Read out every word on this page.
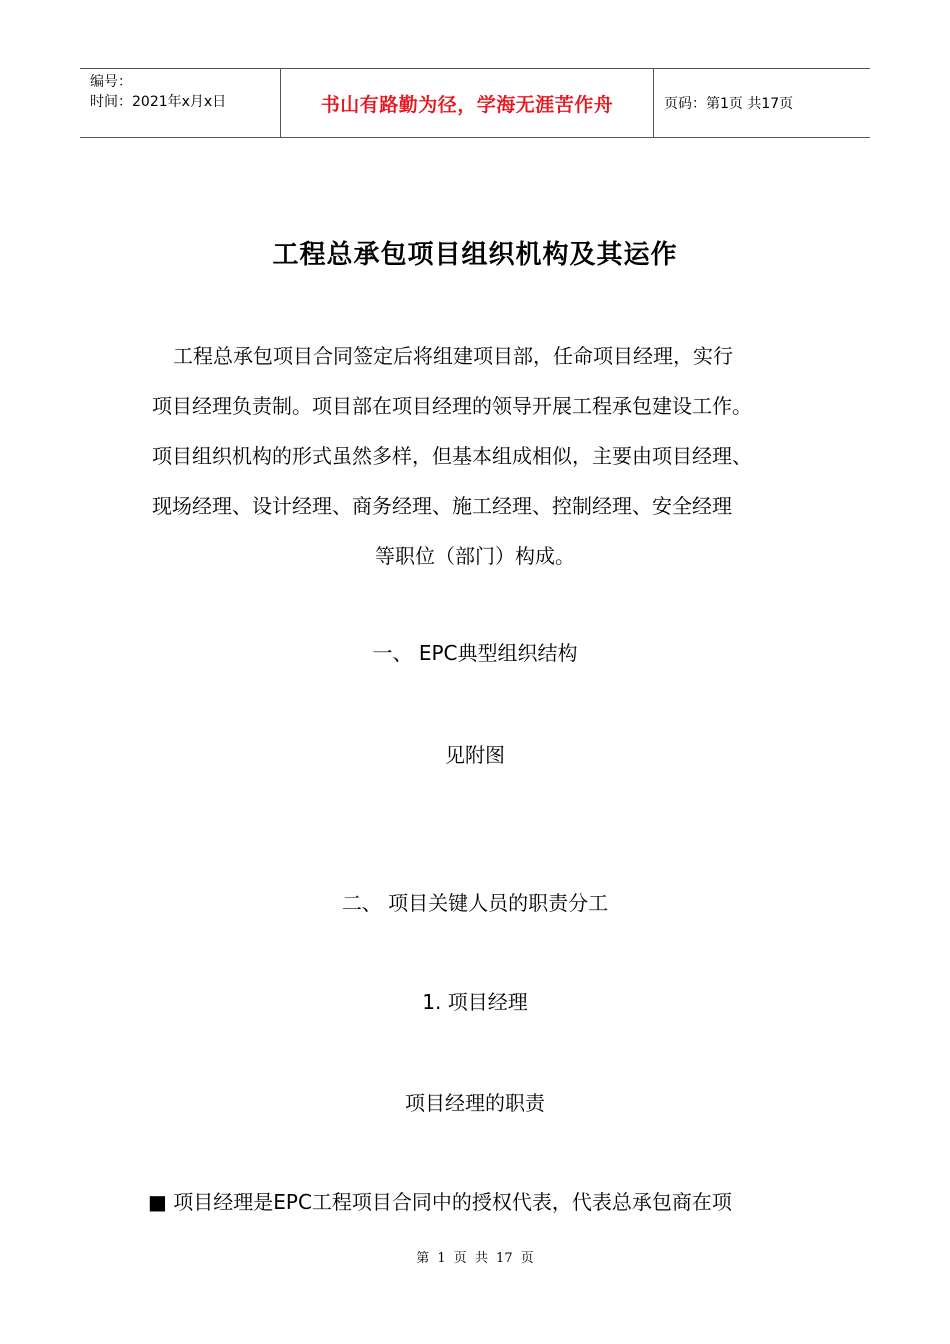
编号：
时间：2021年x月x日	书山有路勤为径，学海无涯苦作舟	页码：第1页 共17页
工程总承包项目组织机构及其运作
工程总承包项目合同签定后将组建项目部，任命项目经理，实行
项目经理负责制。项目部在项目经理的领导开展工程承包建设工作。
项目组织机构的形式虽然多样，但基本组成相似，主要由项目经理、
现场经理、设计经理、商务经理、施工经理、控制经理、安全经理
等职位（部门）构成。
一、 EPC典型组织结构
见附图
二、 项目关键人员的职责分工
1. 项目经理
项目经理的职责
■ 项目经理是EPC工程项目合同中的授权代表，代表总承包商在项
第 1 页 共 17 页
